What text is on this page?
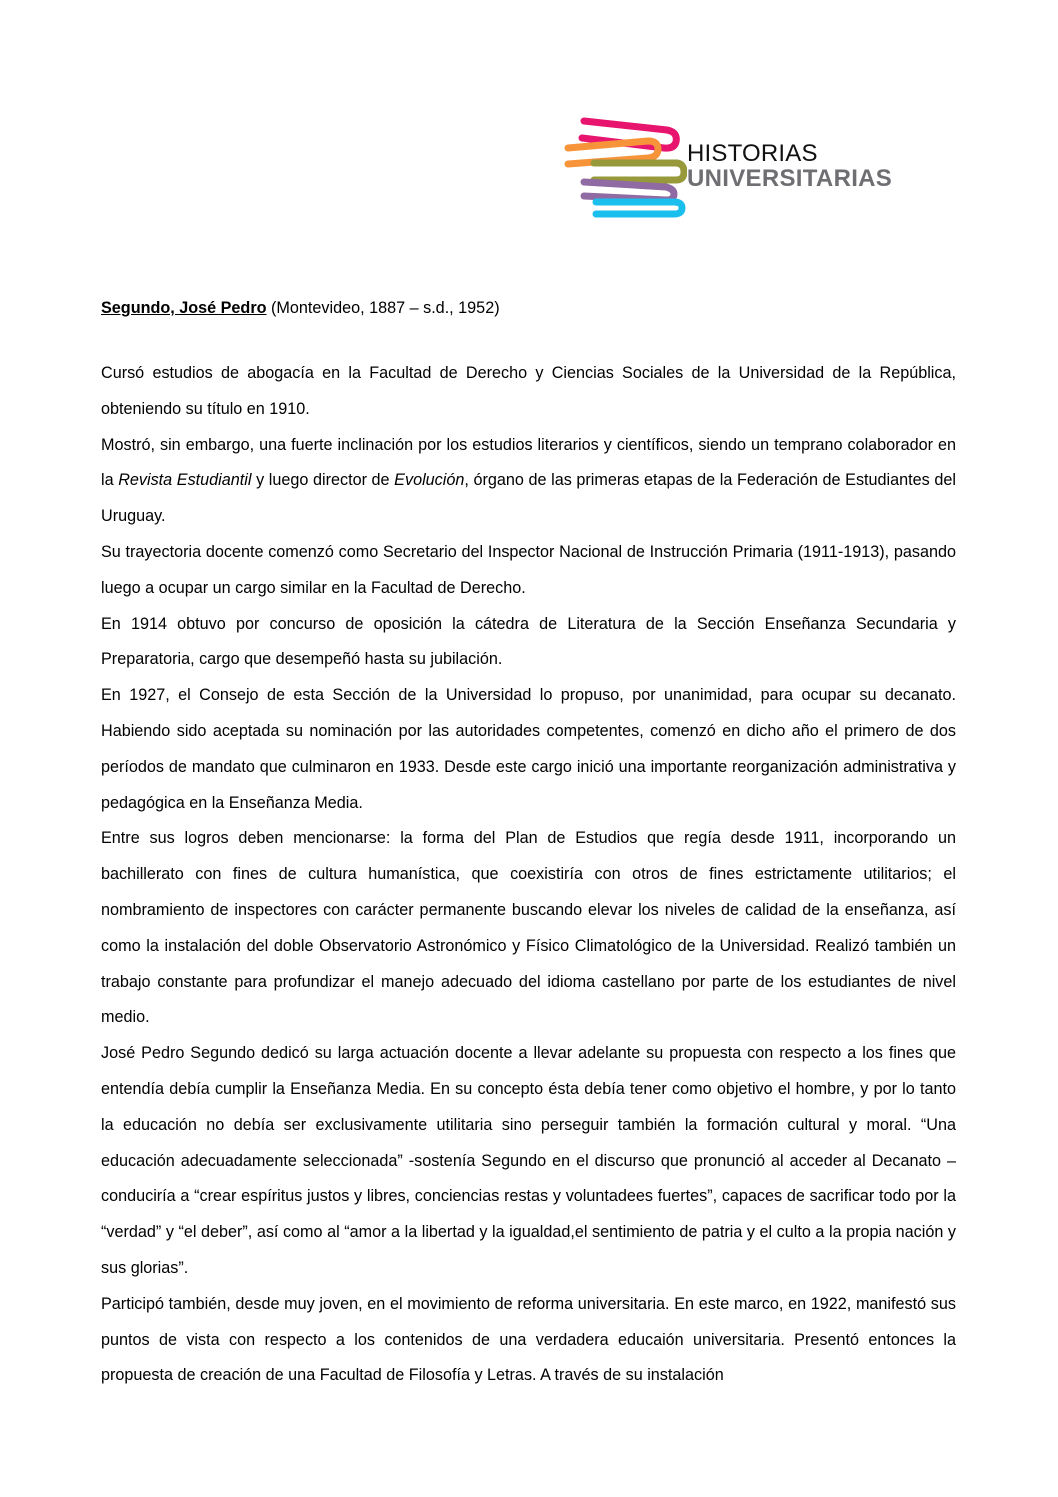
HISTORIAS
UNIVERSITARIAS

Segundo, José Pedro (Montevideo, 1887 – s.d., 1952)

Cursó estudios de abogacía en la Facultad de Derecho y Ciencias Sociales de la Universidad de la República, obteniendo su título en 1910.

Mostró, sin embargo, una fuerte inclinación por los estudios literarios y científicos, siendo un temprano colaborador en la Revista Estudiantil y luego director de Evolución, órgano de las primeras etapas de la Federación de Estudiantes del Uruguay.

Su trayectoria docente comenzó como Secretario del Inspector Nacional de Instrucción Primaria (1911-1913), pasando luego a ocupar un cargo similar en la Facultad de Derecho.

En 1914 obtuvo por concurso de oposición la cátedra de Literatura de la Sección Enseñanza Secundaria y Preparatoria, cargo que desempeñó hasta su jubilación.

En 1927, el Consejo de esta Sección de la Universidad lo propuso, por unanimidad, para ocupar su decanato. Habiendo sido aceptada su nominación por las autoridades competentes, comenzó en dicho año el primero de dos períodos de mandato que culminaron en 1933. Desde este cargo inició una importante reorganización administrativa y pedagógica en la Enseñanza Media.

Entre sus logros deben mencionarse: la forma del Plan de Estudios que regía desde 1911, incorporando un bachillerato con fines de cultura humanística, que coexistiría con otros de fines estrictamente utilitarios; el nombramiento de inspectores con carácter permanente buscando elevar los niveles de calidad de la enseñanza, así como la instalación del doble Observatorio Astronómico y Físico Climatológico de la Universidad. Realizó también un trabajo constante para profundizar el manejo adecuado del idioma castellano por parte de los estudiantes de nivel medio.

José Pedro Segundo dedicó su larga actuación docente a llevar adelante su propuesta con respecto a los fines que entendía debía cumplir la Enseñanza Media. En su concepto ésta debía tener como objetivo el hombre, y por lo tanto la educación no debía ser exclusivamente utilitaria sino perseguir también la formación cultural y moral. “Una educación adecuadamente seleccionada” -sostenía Segundo en el discurso que pronunció al acceder al Decanato – conduciría a “crear espíritus justos y libres, conciencias restas y voluntadees fuertes”, capaces de sacrificar todo por la “verdad” y “el deber”, así como al “amor a la libertad y la igualdad,el sentimiento de patria y el culto a la propia nación y sus glorias”.

Participó también, desde muy joven, en el movimiento de reforma universitaria. En este marco, en 1922, manifestó sus puntos de vista con respecto a los contenidos de una verdadera educaión universitaria. Presentó entonces la propuesta de creación de una Facultad de Filosofía y Letras. A través de su instalación
